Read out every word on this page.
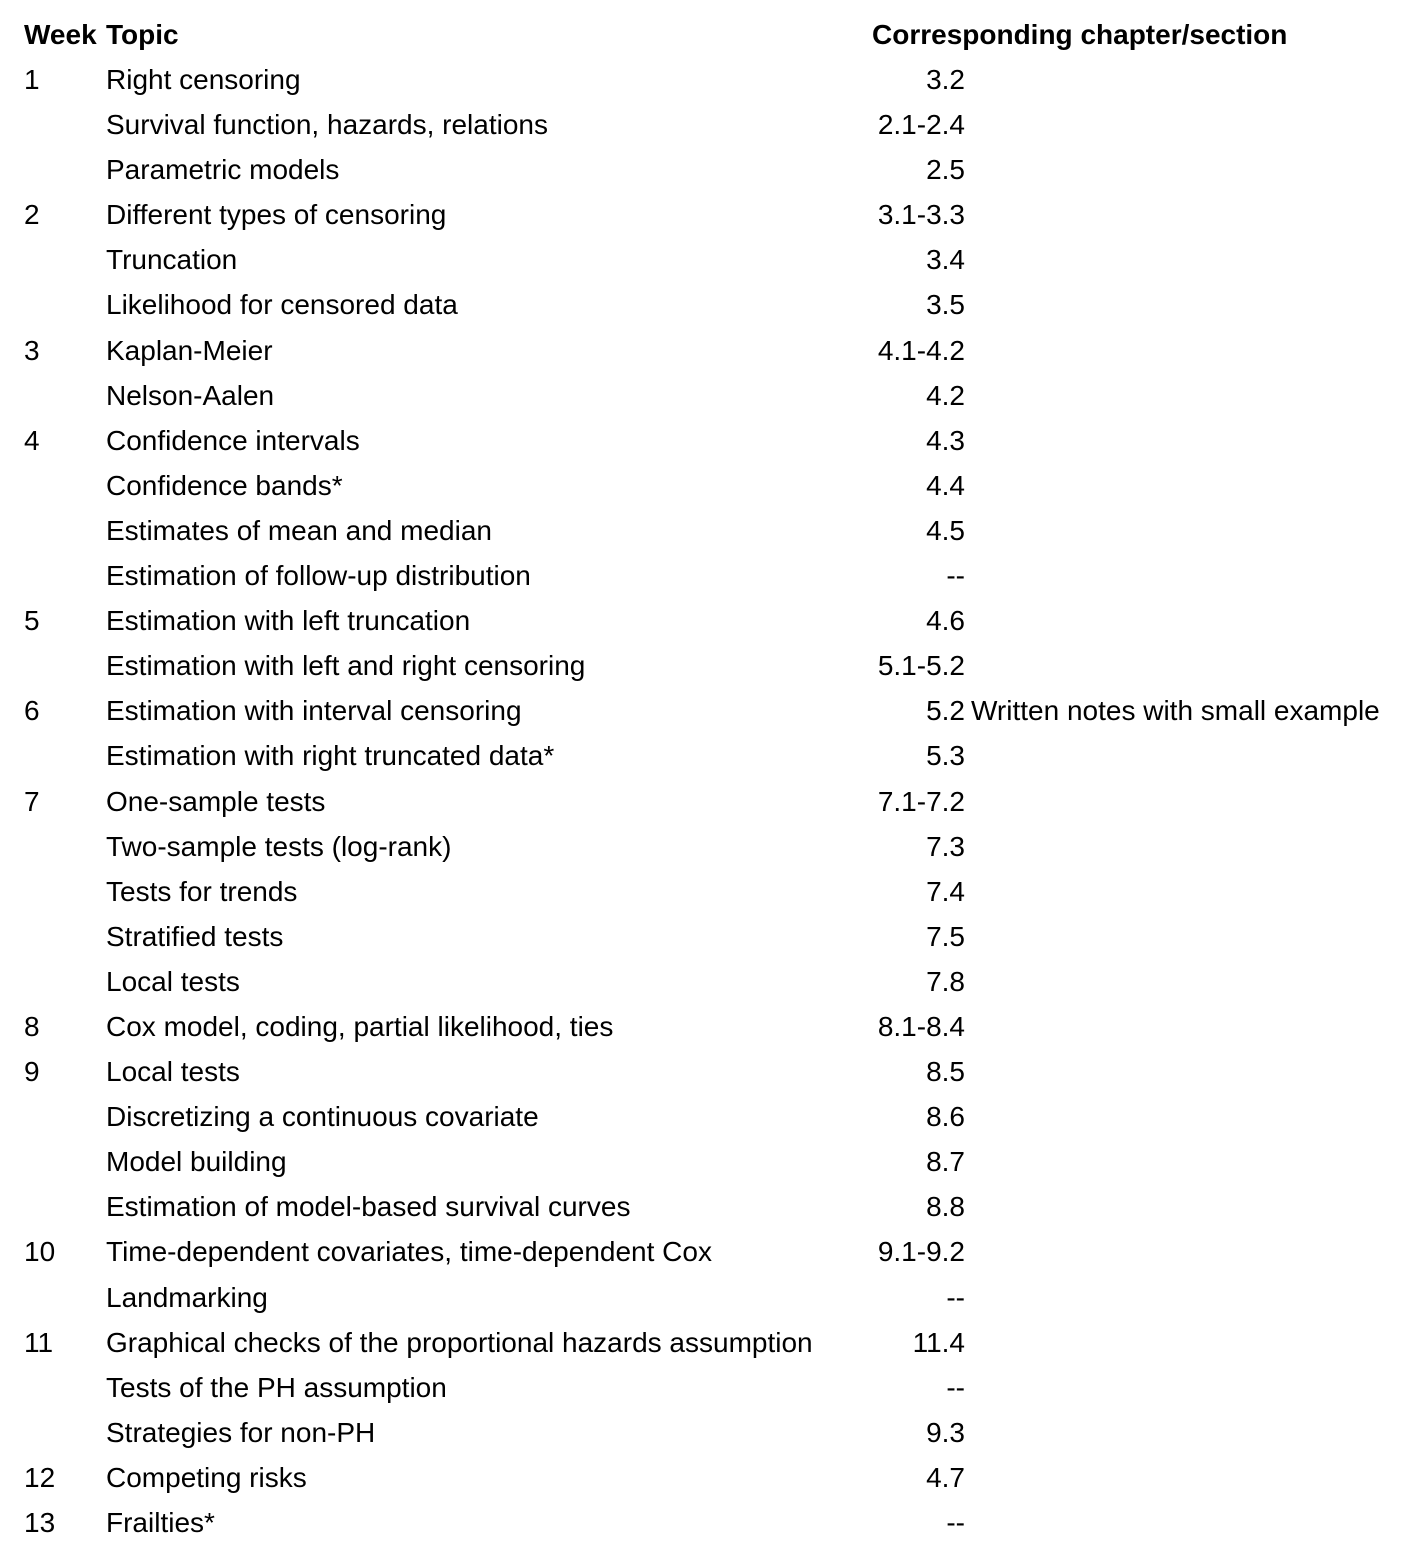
Week Topic	Corresponding chapter/section
1 Right censoring	3.2
Survival function, hazards, relations	2.1-2.4
Parametric models	2.5
2 Different types of censoring	3.1-3.3
Truncation	3.4
Likelihood for censored data	3.5
3 Kaplan-Meier	4.1-4.2
Nelson-Aalen	4.2
4 Confidence intervals	4.3
Confidence bands*	4.4
Estimates of mean and median	4.5
Estimation of follow-up distribution	--
5 Estimation with left truncation	4.6
Estimation with left and right censoring	5.1-5.2
6 Estimation with interval censoring	5.2 Written notes with small example
Estimation with right truncated data*	5.3
7 One-sample tests	7.1-7.2
Two-sample tests (log-rank)	7.3
Tests for trends	7.4
Stratified tests	7.5
Local tests	7.8
8 Cox model, coding, partial likelihood, ties	8.1-8.4
9 Local tests	8.5
Discretizing a continuous covariate	8.6
Model building	8.7
Estimation of model-based survival curves	8.8
10 Time-dependent covariates, time-dependent Cox	9.1-9.2
Landmarking	--
11 Graphical checks of the proportional hazards assumption	11.4
Tests of the PH assumption	--
Strategies for non-PH	9.3
12 Competing risks	4.7
13 Frailties*	--
